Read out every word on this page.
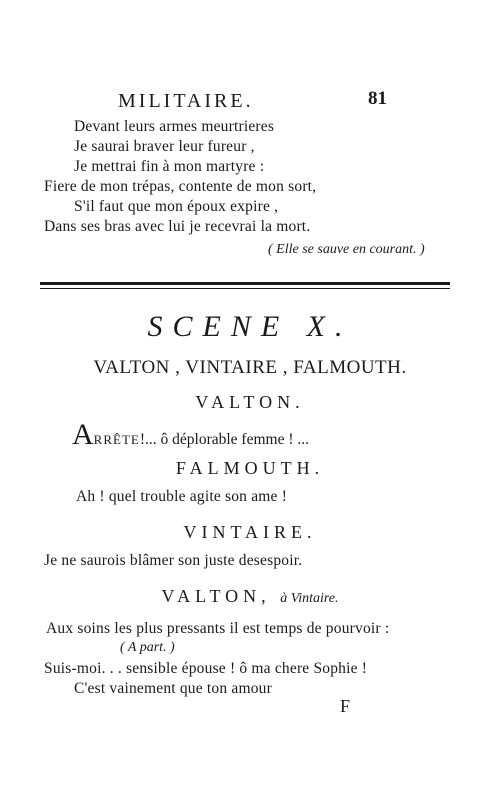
MILITAIRE.	81
Devant leurs armes meurtrieres
Je saurai braver leur fureur ,
Je mettrai fin à mon martyre :
Fiere de mon trépas, contente de mon sort,
S'il faut que mon époux expire ,
Dans ses bras avec lui je recevrai la mort.
( Elle se sauve en courant. )
SCENE X.
VALTON , VINTAIRE , FALMOUTH.
VALTON.
ARRÊTE!... ô déplorable femme ! ...
FALMOUTH.
Ah ! quel trouble agite son ame !
VINTAIRE.
Je ne saurois blâmer son juste desespoir.
VALTON, à Vintaire.
Aux soins les plus pressants il est temps de pourvoir :
( A part. )
Suis-moi. . . sensible épouse ! ô ma chere Sophie !
C'est vainement que ton amour
F
